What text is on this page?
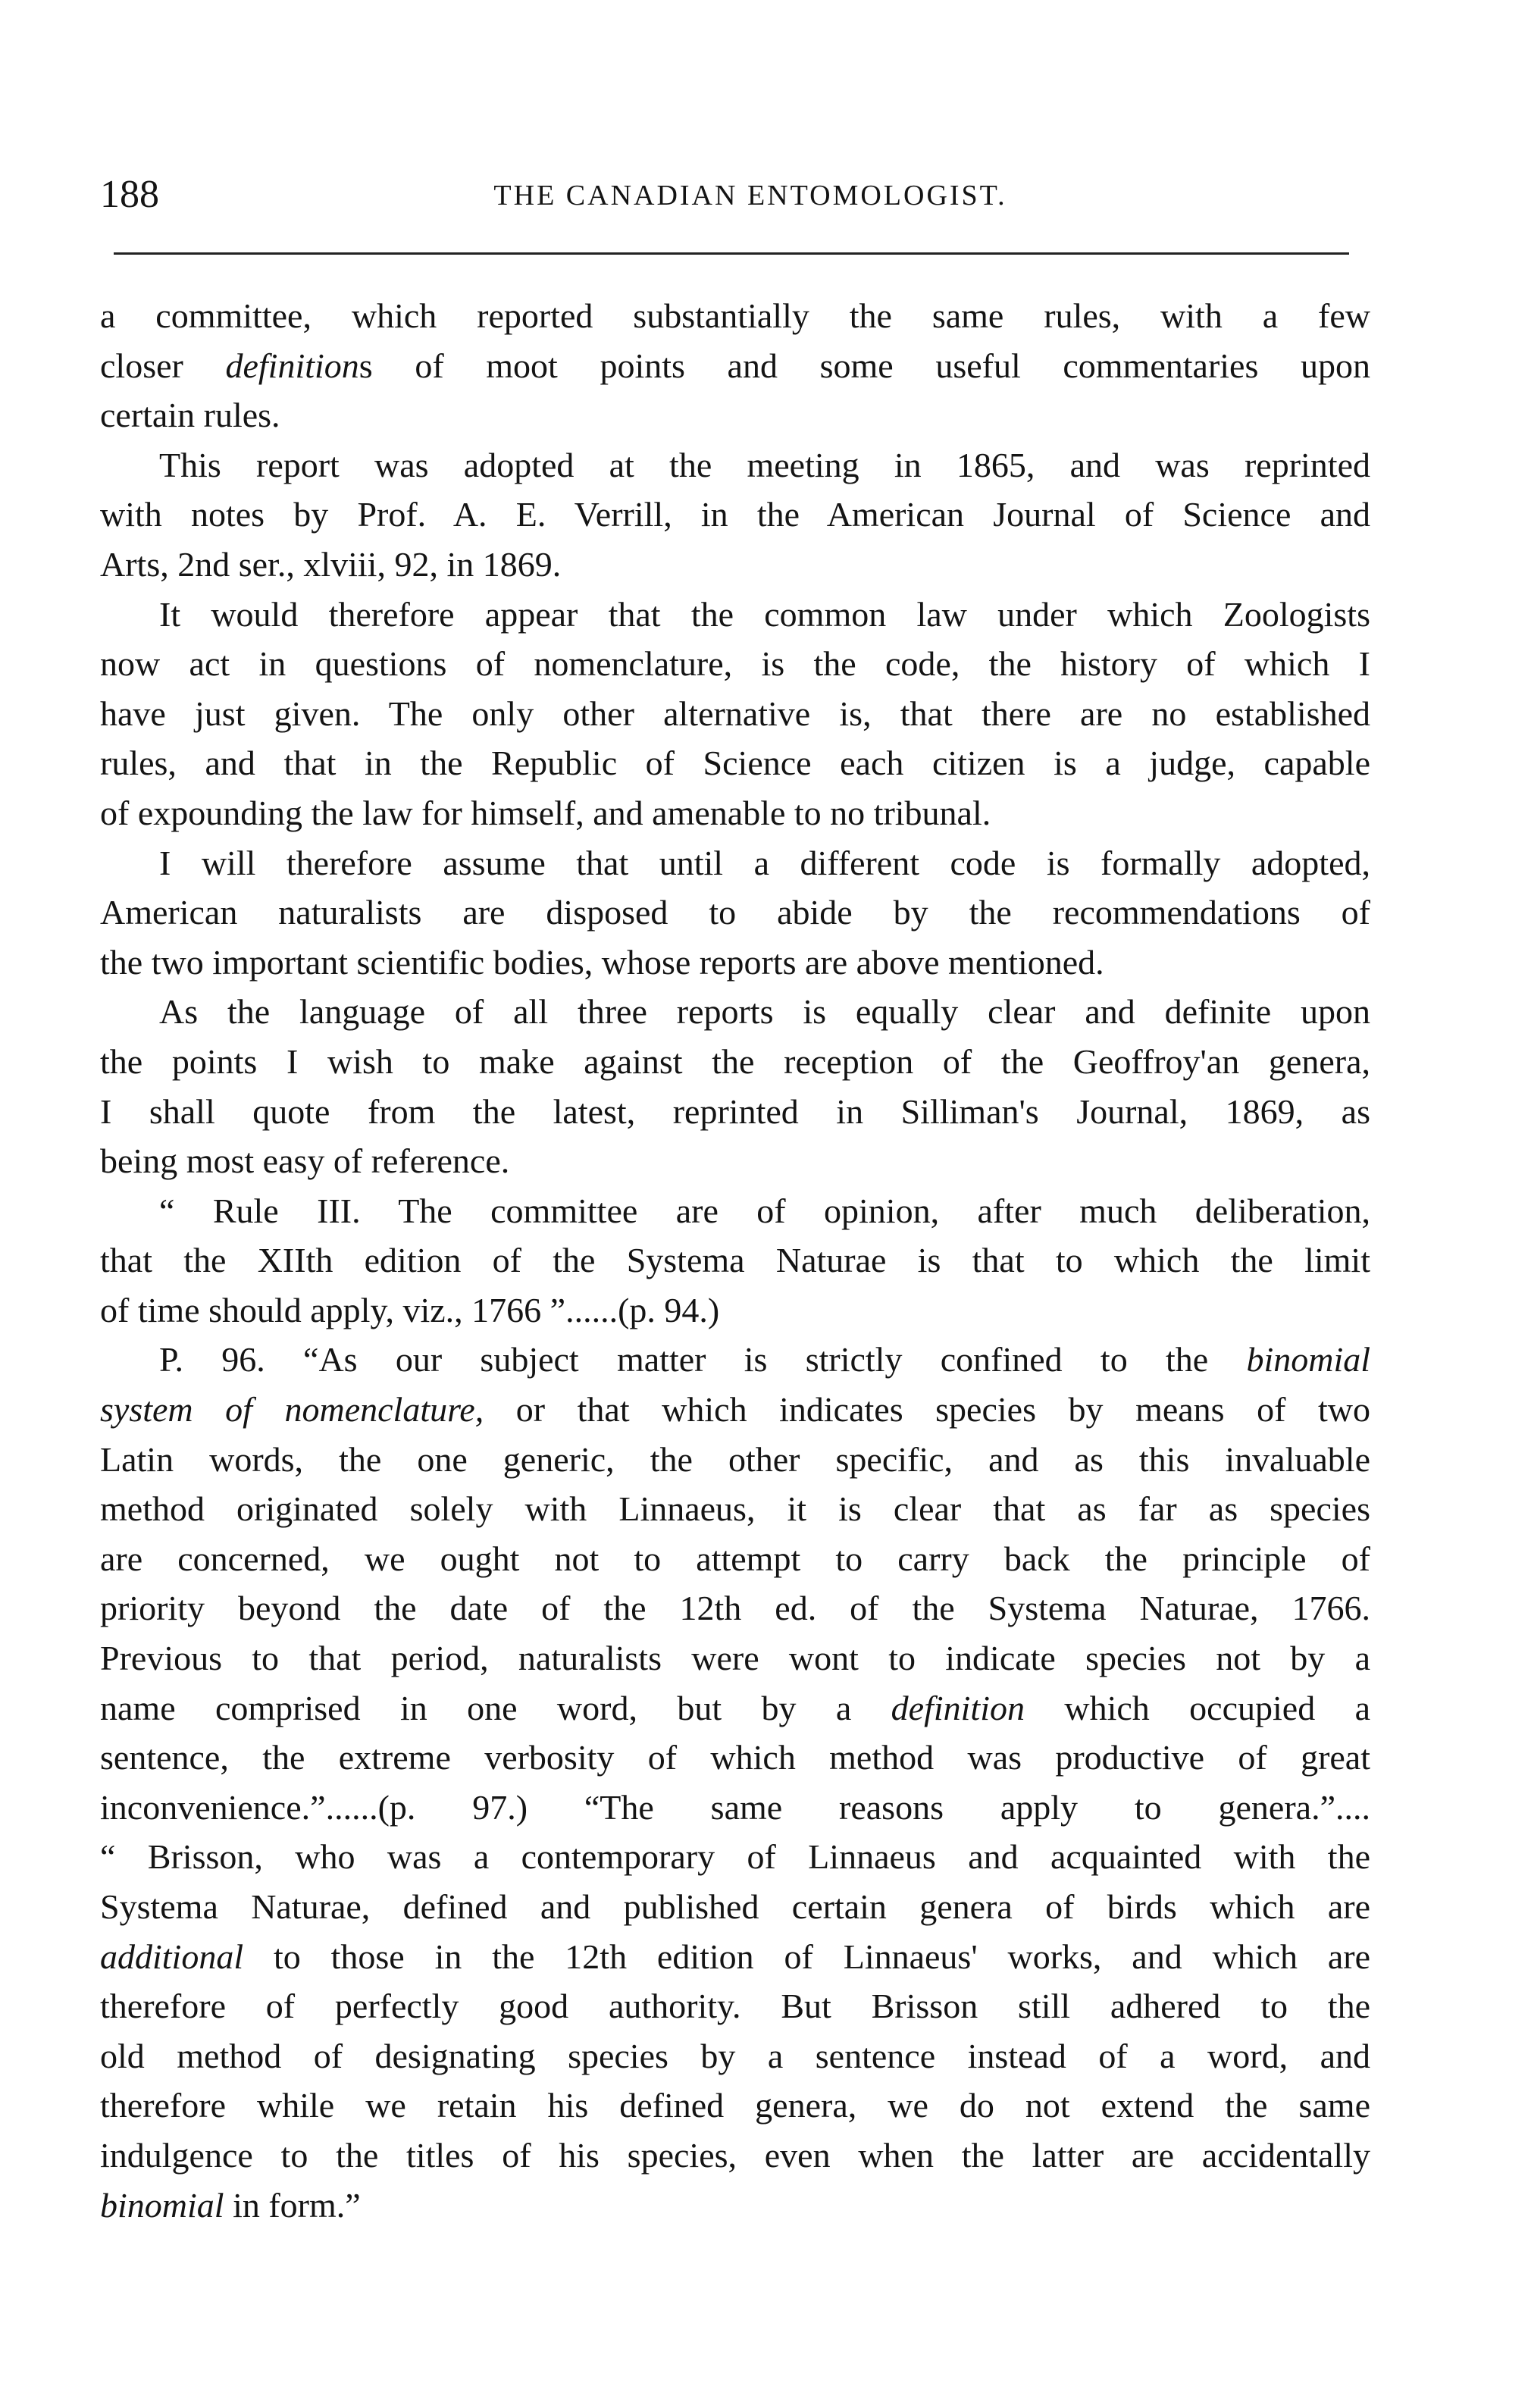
188	THE CANADIAN ENTOMOLOGIST.
a committee, which reported substantially the same rules, with a few
closer definitions of moot points and some useful commentaries upon
certain rules.
This report was adopted at the meeting in 1865, and was reprinted
with notes by Prof. A. E. Verrill, in the American Journal of Science and
Arts, 2nd ser., xlviii, 92, in 1869.
It would therefore appear that the common law under which Zoologists
now act in questions of nomenclature, is the code, the history of which I
have just given. The only other alternative is, that there are no established
rules, and that in the Republic of Science each citizen is a judge, capable
of expounding the law for himself, and amenable to no tribunal.
I will therefore assume that until a different code is formally adopted,
American naturalists are disposed to abide by the recommendations of
the two important scientific bodies, whose reports are above mentioned.
As the language of all three reports is equally clear and definite upon
the points I wish to make against the reception of the Geoffroy'an genera,
I shall quote from the latest, reprinted in Silliman's Journal, 1869, as
being most easy of reference.
“ Rule III. The committee are of opinion, after much deliberation,
that the XIIth edition of the Systema Naturae is that to which the limit
of time should apply, viz., 1766 ”......(p. 94.)
P. 96. “As our subject matter is strictly confined to the binomial
system of nomenclature, or that which indicates species by means of two
Latin words, the one generic, the other specific, and as this invaluable
method originated solely with Linnaeus, it is clear that as far as species
are concerned, we ought not to attempt to carry back the principle of
priority beyond the date of the 12th ed. of the Systema Naturae, 1766.
Previous to that period, naturalists were wont to indicate species not by a
name comprised in one word, but by a definition which occupied a
sentence, the extreme verbosity of which method was productive of great
inconvenience.”......(p. 97.) “The same reasons apply to genera.”....
“ Brisson, who was a contemporary of Linnaeus and acquainted with the
Systema Naturae, defined and published certain genera of birds which are
additional to those in the 12th edition of Linnaeus' works, and which are
therefore of perfectly good authority. But Brisson still adhered to the
old method of designating species by a sentence instead of a word, and
therefore while we retain his defined genera, we do not extend the same
indulgence to the titles of his species, even when the latter are accidentally
binomial in form.”
